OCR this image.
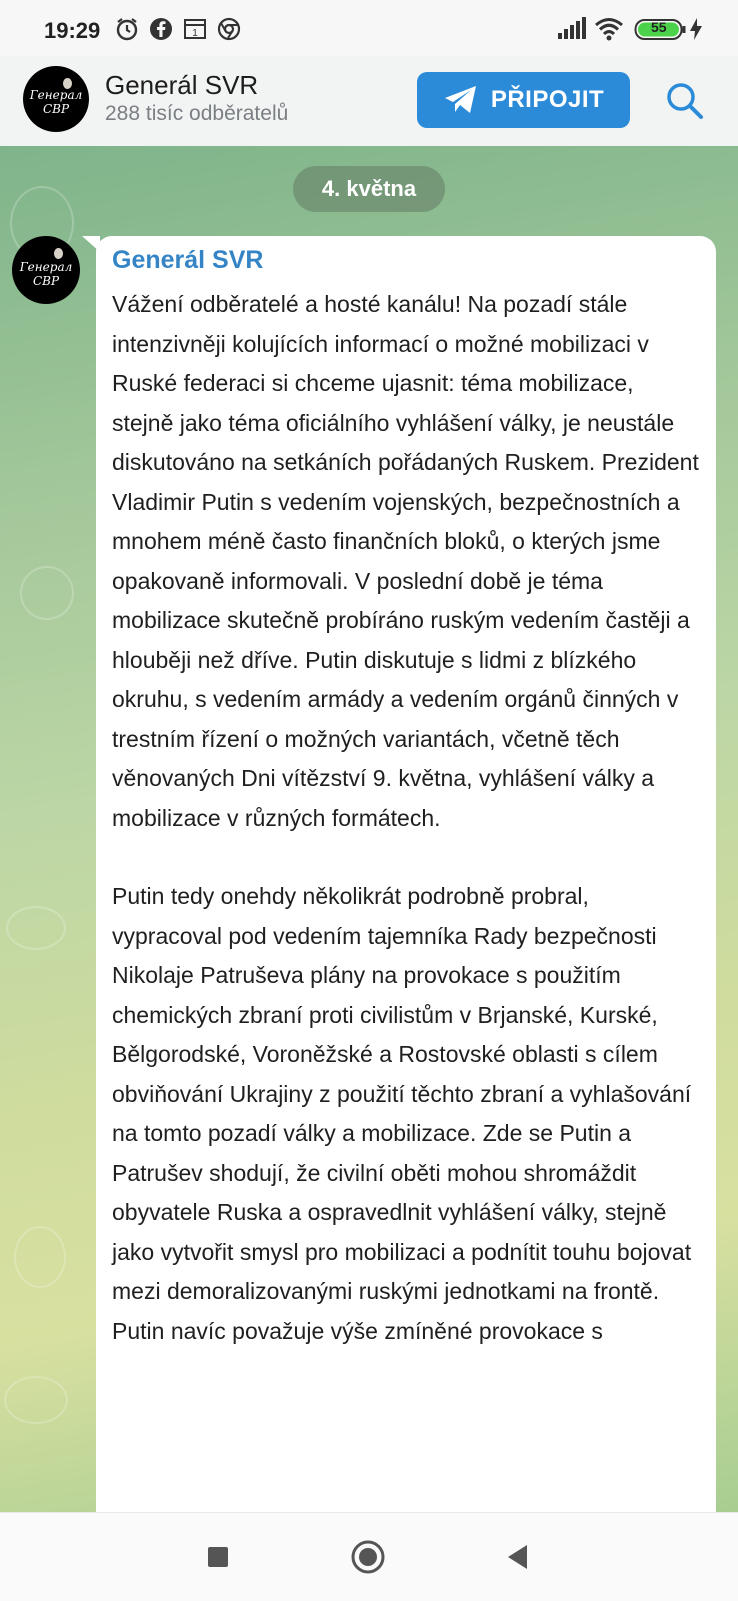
19:29	1	55
Генерал СВР
Generál SVR
288 tisíc odběratelů
PŘIPOJIT
4. května
Генерал СВР
Generál SVR

Vážení odběratelé a hosté kanálu! Na pozadí stále intenzivněji kolujících informací o možné mobilizaci v Ruské federaci si chceme ujasnit: téma mobilizace, stejně jako téma oficiálního vyhlášení války, je neustále diskutováno na setkáních pořádaných Ruskem. Prezident Vladimir Putin s vedením vojenských, bezpečnostních a mnohem méně často finančních bloků, o kterých jsme opakovaně informovali. V poslední době je téma mobilizace skutečně probíráno ruským vedením častěji a hlouběji než dříve. Putin diskutuje s lidmi z blízkého okruhu, s vedením armády a vedením orgánů činných v trestním řízení o možných variantách, včetně těch věnovaných Dni vítězství 9. května, vyhlášení války a mobilizace v různých formátech.

Putin tedy onehdy několikrát podrobně probral, vypracoval pod vedením tajemníka Rady bezpečnosti Nikolaje Patruševa plány na provokace s použitím chemických zbraní proti civilistům v Brjanské, Kurské, Bělgorodské, Voroněžské a Rostovské oblasti s cílem obviňování Ukrajiny z použití těchto zbraní a vyhlašování na tomto pozadí války a mobilizace. Zde se Putin a Patrušev shodují, že civilní oběti mohou shromáždit obyvatele Ruska a ospravedlnit vyhlášení války, stejně jako vytvořit smysl pro mobilizaci a podnítit touhu bojovat mezi demoralizovanými ruskými jednotkami na frontě. Putin navíc považuje výše zmíněné provokace s
